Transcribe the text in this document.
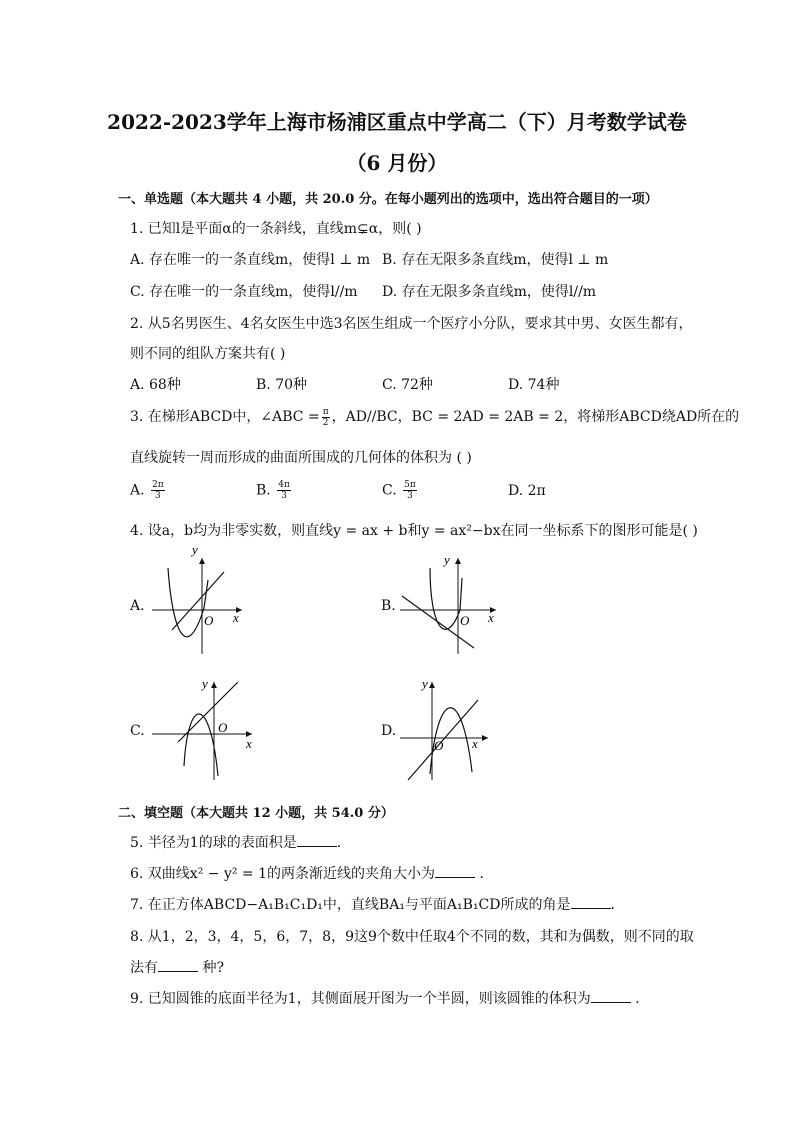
2022-2023学年上海市杨浦区重点中学高二（下）月考数学试卷
（6 月份）
一、单选题（本大题共 4 小题，共 20.0 分。在每小题列出的选项中，选出符合题目的一项）
1. 已知l是平面α的一条斜线，直线m⊊α，则( )
A. 存在唯一的一条直线m，使得l ⊥ m B. 存在无限多条直线m，使得l ⊥ m
C. 存在唯一的一条直线m，使得l//m D. 存在无限多条直线m，使得l//m
2. 从5名男医生、4名女医生中选3名医生组成一个医疗小分队，要求其中男、女医生都有，
则不同的组队方案共有( )
A. 68种	B. 70种	C. 72种	D. 74种
3. 在梯形ABCD中，∠ABC = $\frac{\pi}{2}$ ，AD//BC，BC = 2AD = 2AB = 2，将梯形ABCD绕AD所在的
直线旋转一周而形成的曲面所围成的几何体的体积为 ( )
A. $\frac{2\pi}{3}$	B. $\frac{4\pi}{3}$	C. $\frac{5\pi}{3}$	D. 2π
4. 设a，b均为非零实数，则直线y = ax + b和y = ax²−bx在同一坐标系下的图形可能是( )
A.
y
x
O
B.
y
x
O
C.
y
x
O	D.
y
x
O
二、填空题（本大题共 12 小题，共 54.0 分）
5. 半径为1的球的表面积是	.
6. 双曲线x² − y² = 1的两条渐近线的夹角大小为	.
7. 在正方体ABCD−A₁B₁C₁D₁中，直线BA₁与平面A₁B₁CD所成的角是	.
8. 从1，2，3，4，5，6，7，8，9这9个数中任取4个不同的数，其和为偶数，则不同的取
法有	种?
9. 已知圆锥的底面半径为1，其侧面展开图为一个半圆，则该圆锥的体积为	.
